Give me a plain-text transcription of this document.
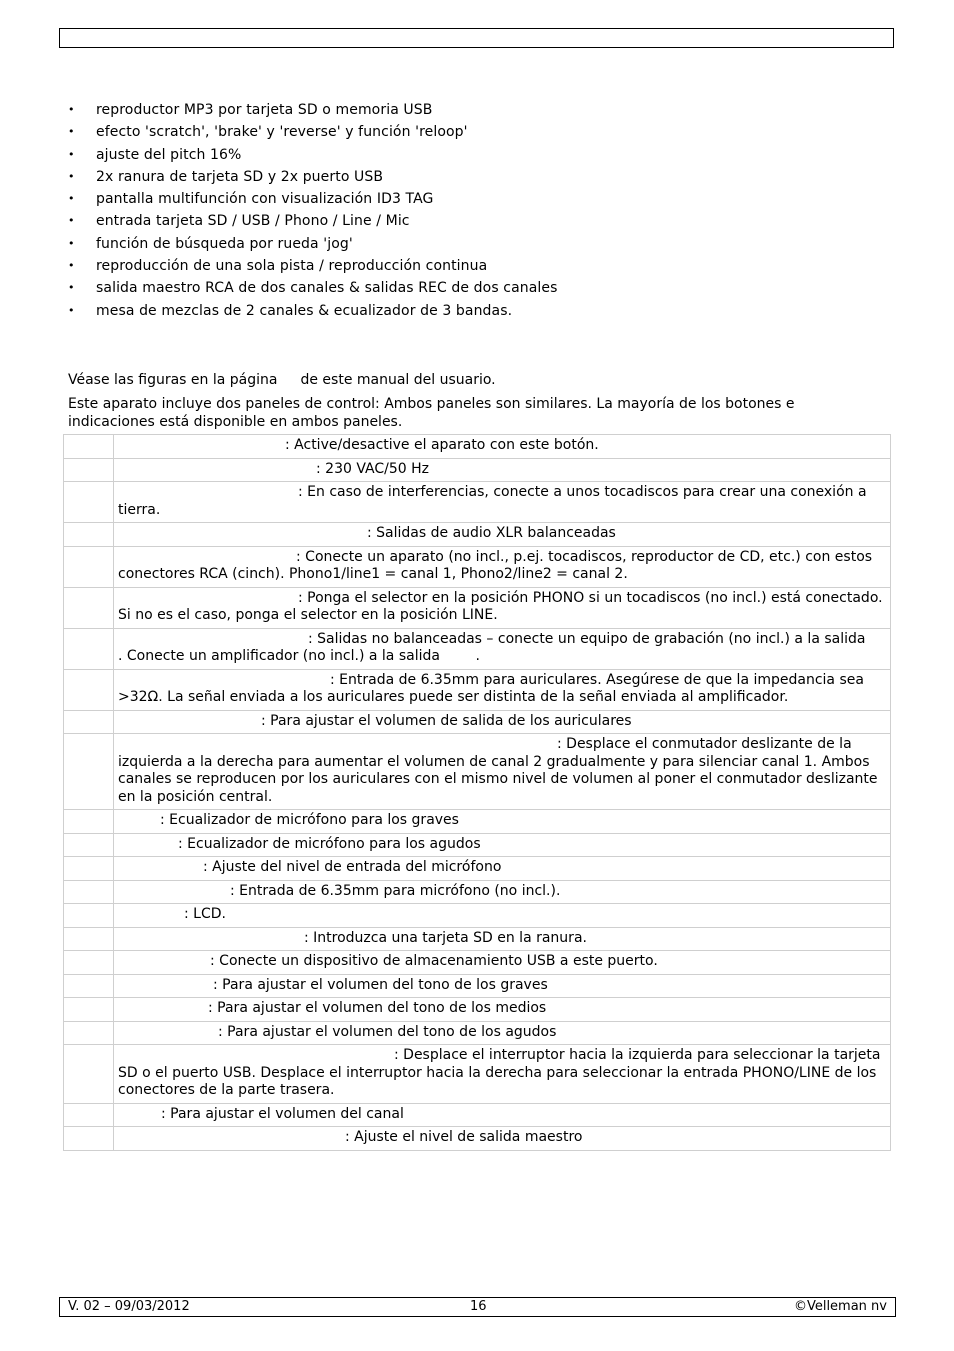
• reproductor MP3 por tarjeta SD o memoria USB
• efecto 'scratch', 'brake' y 'reverse' y función 'reloop'
• ajuste del pitch 16%
• 2x ranura de tarjeta SD y 2x puerto USB
• pantalla multifunción con visualización ID3 TAG
• entrada tarjeta SD / USB / Phono / Line / Mic
• función de búsqueda por rueda 'jog'
• reproducción de una sola pista / reproducción continua
• salida maestro RCA de dos canales & salidas REC de dos canales
• mesa de mezclas de 2 canales & ecualizador de 3 bandas.

Véase las figuras en la página de este manual del usuario.

Este aparato incluye dos paneles de control: Ambos paneles son similares. La mayoría de los botones e indicaciones está disponible en ambos paneles.

	: Active/desactive el aparato con este botón.
	: 230 VAC/50 Hz
	: En caso de interferencias, conecte a unos tocadiscos para crear una conexión a tierra.
	: Salidas de audio XLR balanceadas
	: Conecte un aparato (no incl., p.ej. tocadiscos, reproductor de CD, etc.) con estos conectores RCA (cinch). Phono1/line1 = canal 1, Phono2/line2 = canal 2.
	: Ponga el selector en la posición PHONO si un tocadiscos (no incl.) está conectado. Si no es el caso, ponga el selector en la posición LINE.
	: Salidas no balanceadas – conecte un equipo de grabación (no incl.) a la salida       . Conecte un amplificador (no incl.) a la salida        .
	: Entrada de 6.35mm para auriculares. Asegúrese de que la impedancia sea >32Ω. La señal enviada a los auriculares puede ser distinta de la señal enviada al amplificador.
	: Para ajustar el volumen de salida de los auriculares
	: Desplace el conmutador deslizante de la izquierda a la derecha para aumentar el volumen de canal 2 gradualmente y para silenciar canal 1. Ambos canales se reproducen por los auriculares con el mismo nivel de volumen al poner el conmutador deslizante en la posición central.
	: Ecualizador de micrófono para los graves
	: Ecualizador de micrófono para los agudos
	: Ajuste del nivel de entrada del micrófono
	: Entrada de 6.35mm para micrófono (no incl.).
	: LCD.
	: Introduzca una tarjeta SD en la ranura.
	: Conecte un dispositivo de almacenamiento USB a este puerto.
	: Para ajustar el volumen del tono de los graves
	: Para ajustar el volumen del tono de los medios
	: Para ajustar el volumen del tono de los agudos
	: Desplace el interruptor hacia la izquierda para seleccionar la tarjeta SD o el puerto USB. Desplace el interruptor hacia la derecha para seleccionar la entrada PHONO/LINE de los conectores de la parte trasera.
	: Para ajustar el volumen del canal
	: Ajuste el nivel de salida maestro
V. 02 – 09/03/2012	16	©Velleman nv
